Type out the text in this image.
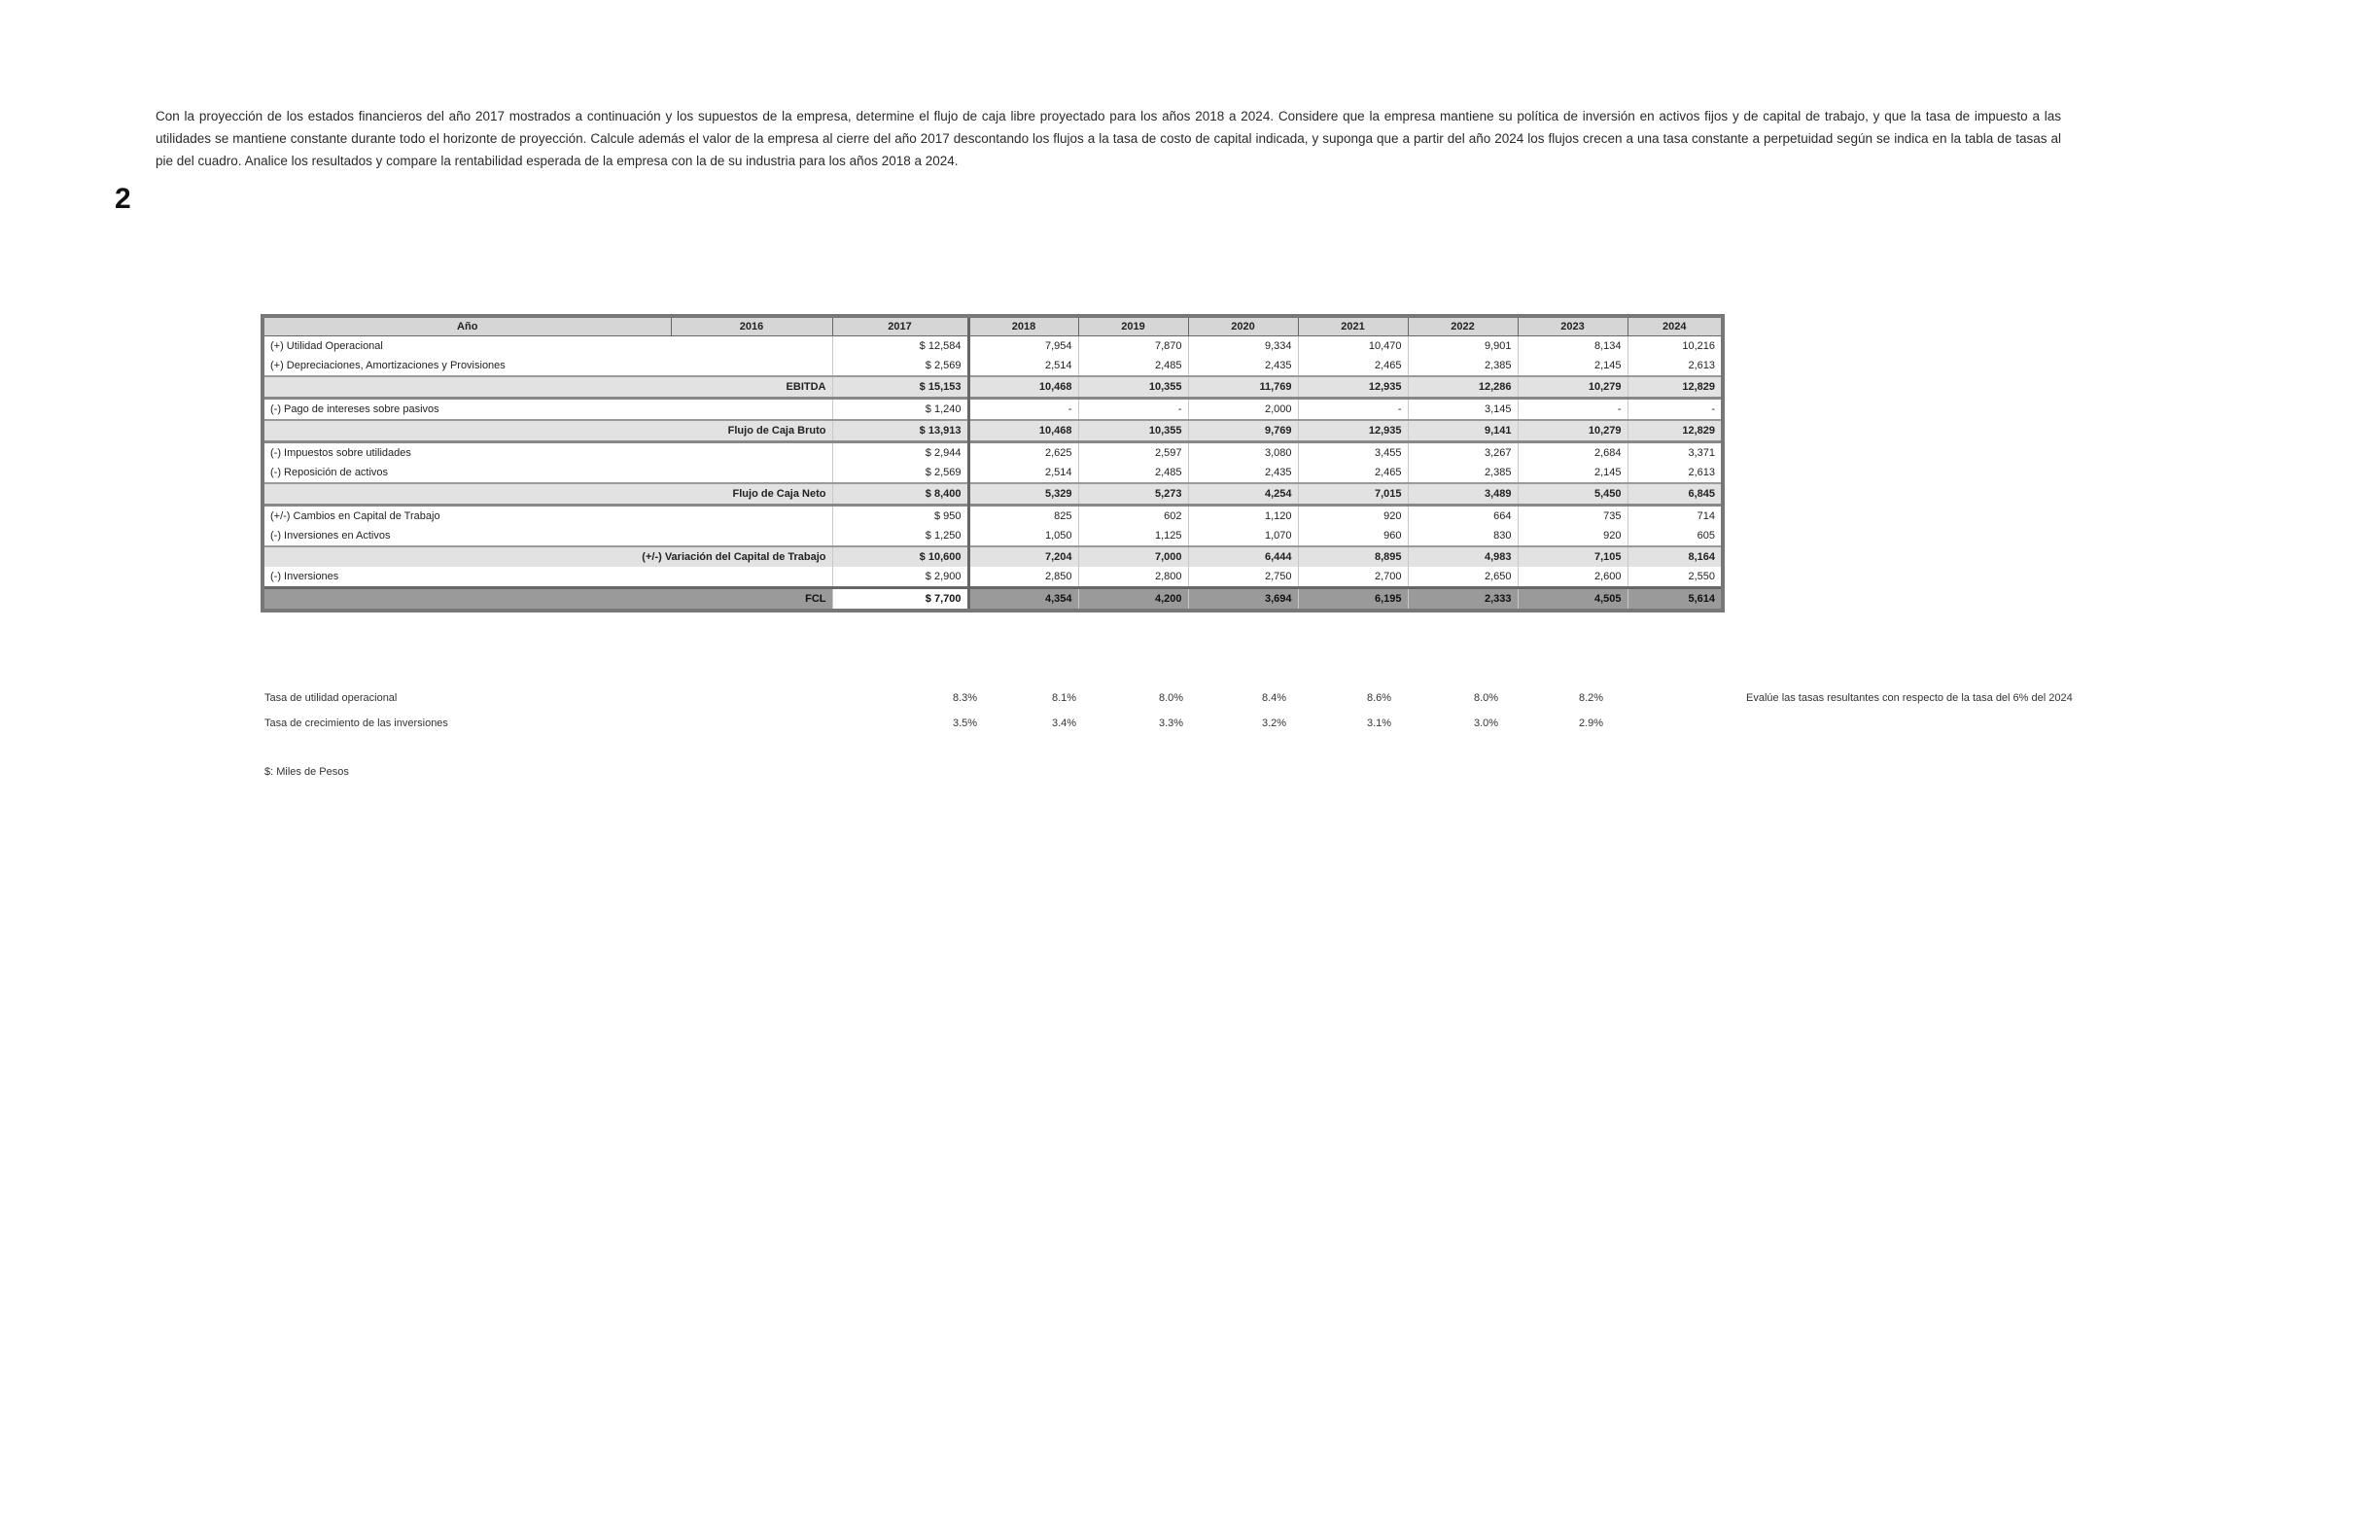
2
Con la proyección de los estados financieros del año 2017 mostrados a continuación y los supuestos de la empresa, determine el flujo de caja libre proyectado para los años 2018 a 2024. Considere que la empresa mantiene su política de inversión en activos fijos y de capital de trabajo, y que la tasa de impuesto a las utilidades se mantiene constante durante todo el horizonte de proyección. Calcule además el valor de la empresa al cierre del año 2017 descontando los flujos a la tasa de costo de capital indicada, y suponga que a partir del año 2024 los flujos crecen a una tasa constante a perpetuidad según se indica en la tabla de tasas al pie del cuadro. Analice los resultados y compare la rentabilidad esperada de la empresa con la de su industria para los años 2018 a 2024.
Año	2016	2017	2018		2019		2020		2021		2022		2023		2024	
(+) Utilidad Operacional		$ 12,584		7,954		7,870		9,334		10,470		9,901		8,134		10,216
(+) Depreciaciones, Amortizaciones y Provisiones		$ 2,569		2,514		2,485		2,435		2,465		2,385		2,145		2,613
EBITDA		$ 15,153		10,468		10,355		11,769		12,935		12,286		10,279		12,829
(-) Pago de intereses sobre pasivos		$ 1,240		-		-		2,000		-		3,145		-		-
Flujo de Caja Bruto		$ 13,913		10,468		10,355		9,769		12,935		9,141		10,279		12,829
(-) Impuestos sobre utilidades		$ 2,944		2,625		2,597		3,080		3,455		3,267		2,684		3,371
(-) Reposición de activos		$ 2,569		2,514		2,485		2,435		2,465		2,385		2,145		2,613
Flujo de Caja Neto		$ 8,400		5,329		5,273		4,254		7,015		3,489		5,450		6,845
(+/-) Cambios en Capital de Trabajo		$ 950		825		602		1,120		920		664		735		714
(-) Inversiones en Activos		$ 1,250		1,050		1,125		1,070		960		830		920		605
(+/-) Variación del Capital de Trabajo		$ 10,600		7,204		7,000		6,444		8,895		4,983		7,105		8,164
(-) Inversiones		$ 2,900		2,850		2,800		2,750		2,700		2,650		2,600		2,550
FCL		$ 7,700		4,354		4,200		3,694		6,195		2,333		4,505		5,614
Tasa de utilidad operacional	8.3%	8.1%	8.0%	8.4%	8.6%	8.0%	8.2%
Tasa de crecimiento de las inversiones	3.5%	3.4%	3.3%	3.2%	3.1%	3.0%	2.9%
Evalúe las tasas resultantes con respecto de la tasa del 6% del 2024
$: Miles de Pesos
